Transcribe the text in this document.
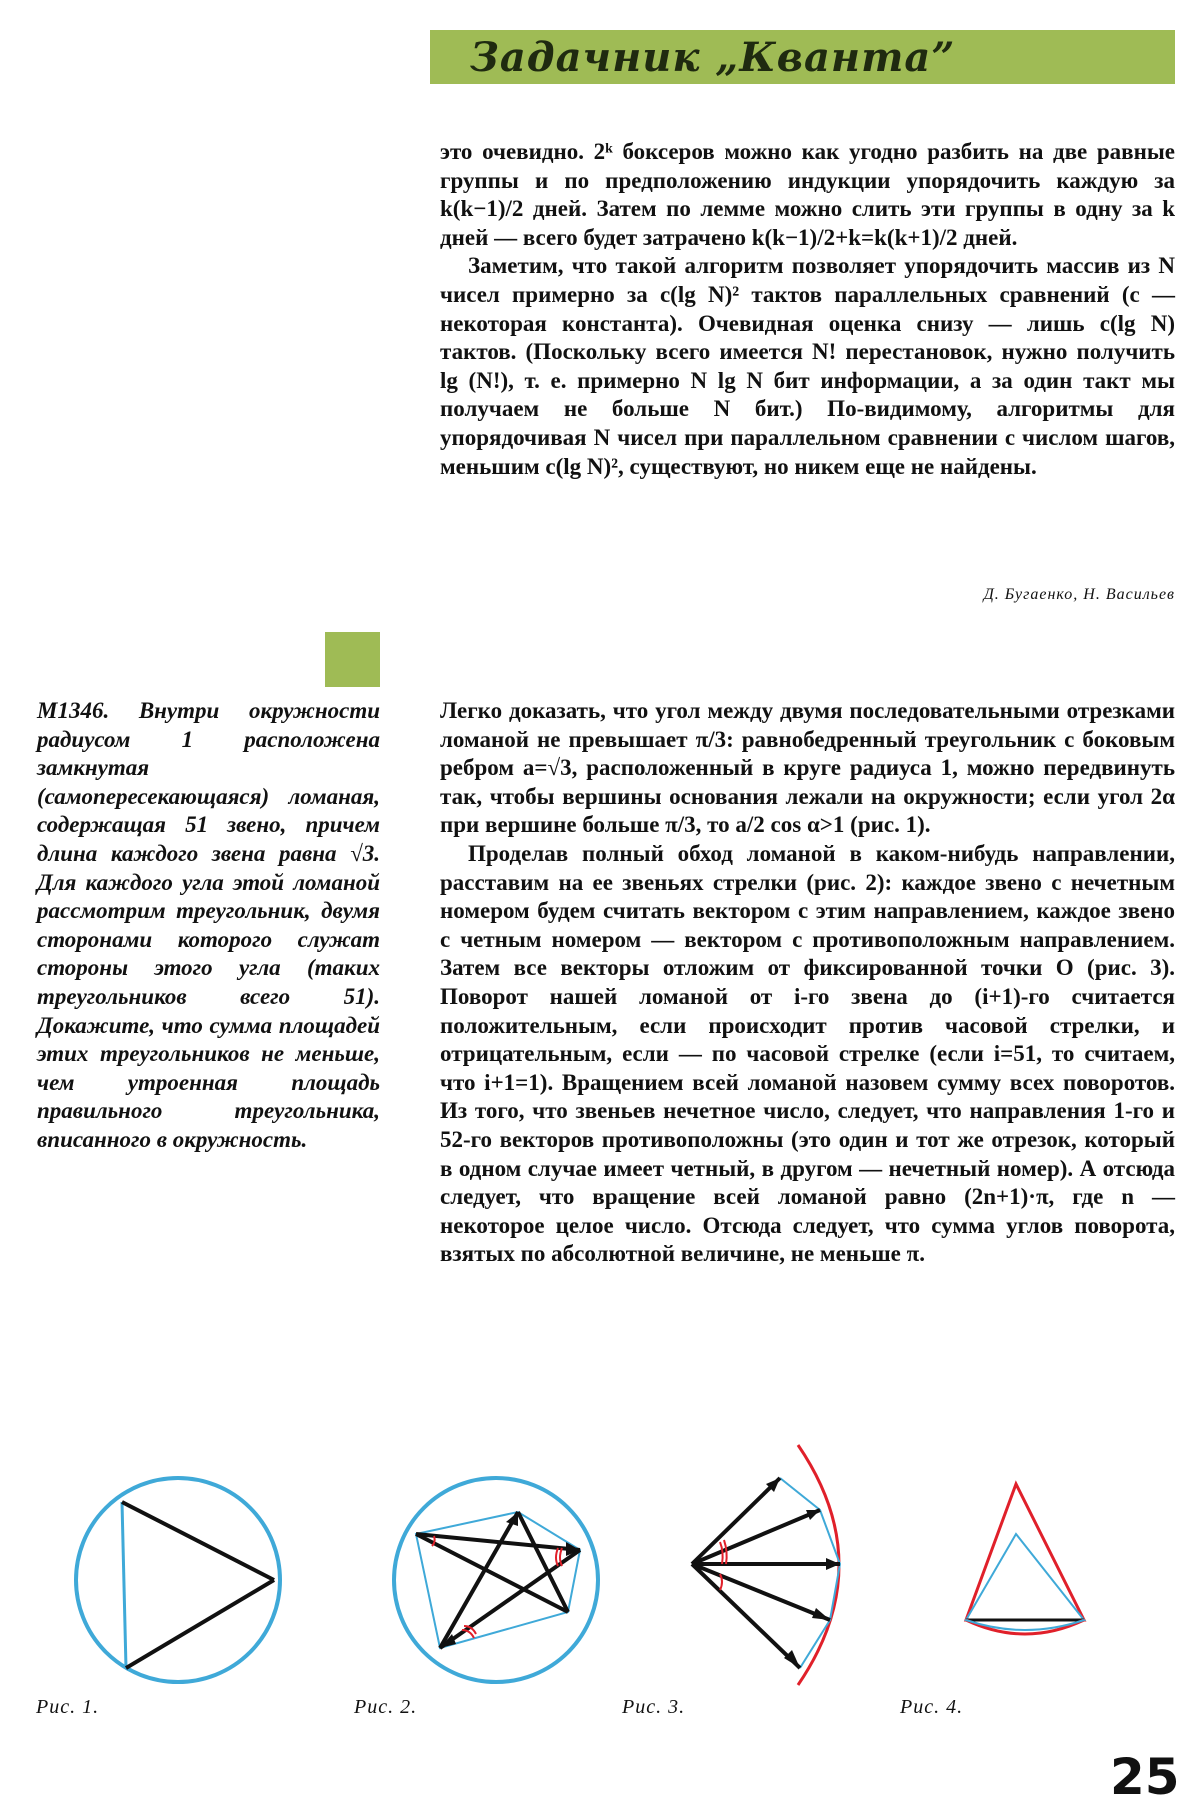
Задачник „Кванта”

это очевидно. 2ᵏ боксеров можно как угодно разбить на две равные группы и по предположению индукции упорядочить каждую за k(k−1)/2 дней. Затем по лемме можно слить эти группы в одну за k дней — всего будет затрачено k(k−1)/2+k=k(k+1)/2 дней.

Заметим, что такой алгоритм позволяет упорядочить массив из N чисел примерно за c(lg N)² тактов параллельных сравнений (c — некоторая константа). Очевидная оценка снизу — лишь c(lg N) тактов. (Поскольку всего имеется N! перестановок, нужно получить lg (N!), т. е. примерно N lg N бит информации, а за один такт мы получаем не больше N бит.) По-видимому, алгоритмы для упорядочивая N чисел при параллельном сравнении с числом шагов, меньшим c(lg N)², существуют, но никем еще не найдены.

Д. Бугаенко, Н. Васильев
М1346. Внутри окружности радиусом 1 расположена замкнутая (самопересекающаяся) ломаная, содержащая 51 звено, причем длина каждого звена равна √3. Для каждого угла этой ломаной рассмотрим треугольник, двумя сторонами которого служат стороны этого угла (таких треугольников всего 51). Докажите, что сумма площадей этих треугольников не меньше, чем утроенная площадь правильного треугольника, вписанного в окружность.

Легко доказать, что угол между двумя последовательными отрезками ломаной не превышает π/3: равнобедренный треугольник с боковым ребром a=√3, расположенный в круге радиуса 1, можно передвинуть так, чтобы вершины основания лежали на окружности; если угол 2α при вершине больше π/3, то a/2 cos α>1 (рис. 1).

Проделав полный обход ломаной в каком-нибудь направлении, расставим на ее звеньях стрелки (рис. 2): каждое звено с нечетным номером будем считать вектором с этим направлением, каждое звено с четным номером — вектором с противоположным направлением. Затем все векторы отложим от фиксированной точки O (рис. 3). Поворот нашей ломаной от i-го звена до (i+1)-го считается положительным, если происходит против часовой стрелки, и отрицательным, если — по часовой стрелке (если i=51, то считаем, что i+1=1). Вращением всей ломаной назовем сумму всех поворотов. Из того, что звеньев нечетное число, следует, что направления 1-го и 52-го векторов противоположны (это один и тот же отрезок, который в одном случае имеет четный, в другом — нечетный номер). А отсюда следует, что вращение всей ломаной равно (2n+1)·π, где n — некоторое целое число. Отсюда следует, что сумма углов поворота, взятых по абсолютной величине, не меньше π.

Рис. 1.	Рис. 2.	Рис. 3.	Рис. 4.
25
